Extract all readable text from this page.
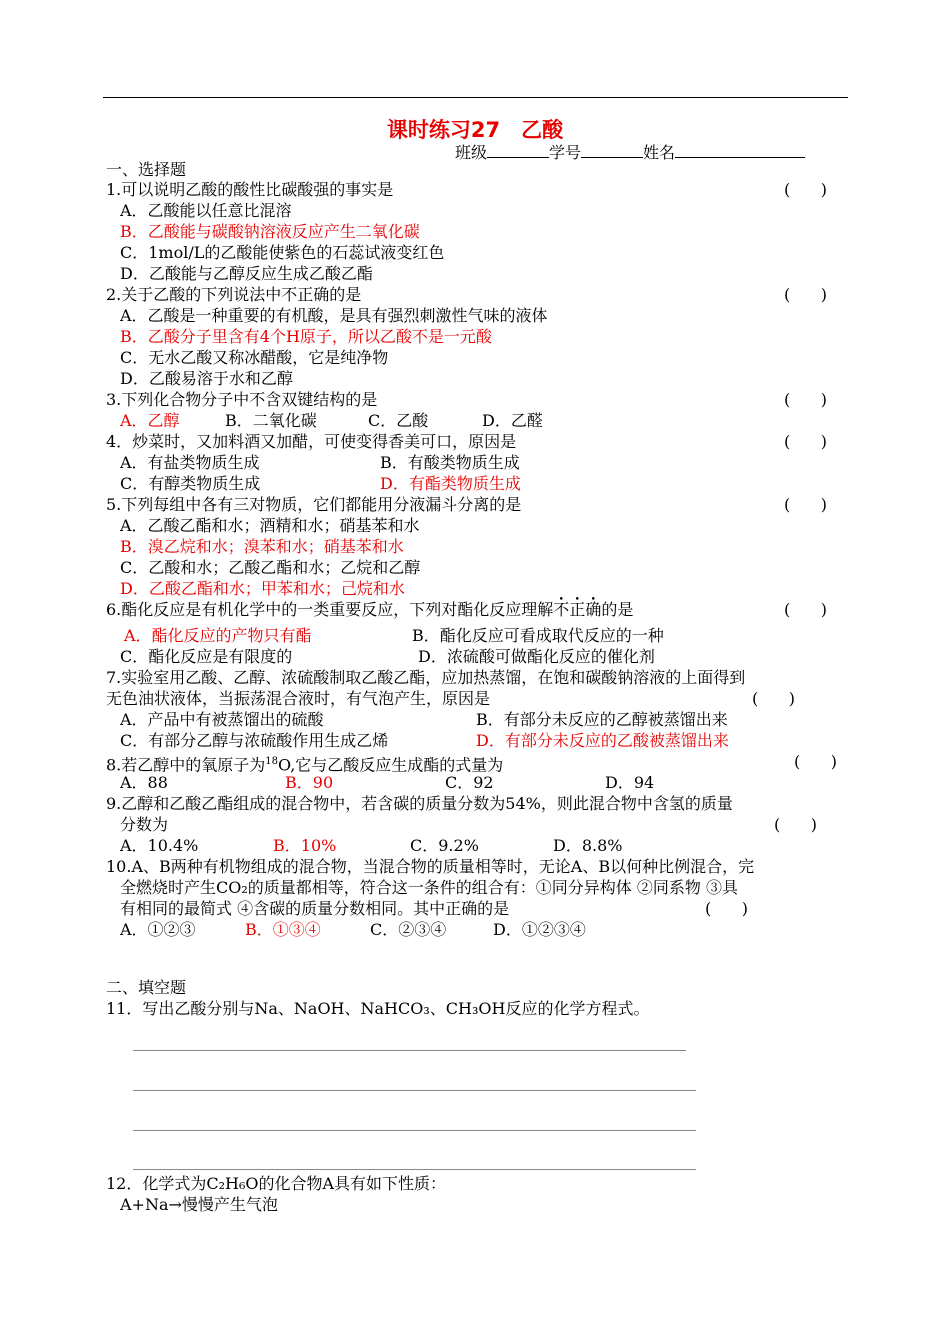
课时练习27　乙酸
班级	学号	姓名
一、选择题
1.可以说明乙酸的酸性比碳酸强的事实是	(      )
A．乙酸能以任意比混溶
B．乙酸能与碳酸钠溶液反应产生二氧化碳
C．1mol/L的乙酸能使紫色的石蕊试液变红色
D．乙酸能与乙醇反应生成乙酸乙酯
2.关于乙酸的下列说法中不正确的是	(      )
A．乙酸是一种重要的有机酸，是具有强烈刺激性气味的液体
B．乙酸分子里含有4个H原子，所以乙酸不是一元酸
C．无水乙酸又称冰醋酸，它是纯净物
D．乙酸易溶于水和乙醇
3.下列化合物分子中不含双键结构的是	(      )
A．乙醇	B．二氧化碳	C．乙酸	D．乙醛
4．炒菜时，又加料酒又加醋，可使变得香美可口，原因是	(      )
A．有盐类物质生成	B．有酸类物质生成
C．有醇类物质生成	D．有酯类物质生成
5.下列每组中各有三对物质，它们都能用分液漏斗分离的是	(      )
A．乙酸乙酯和水；酒精和水；硝基苯和水
B．溴乙烷和水；溴苯和水；硝基苯和水
C．乙酸和水；乙酸乙酯和水；乙烷和乙醇
D．乙酸乙酯和水；甲苯和水；己烷和水
6.酯化反应是有机化学中的一类重要反应，下列对酯化反应理解不正确的是	(      )
A．酯化反应的产物只有酯	B．酯化反应可看成取代反应的一种
C．酯化反应是有限度的	D．浓硫酸可做酯化反应的催化剂
7.实验室用乙酸、乙醇、浓硫酸制取乙酸乙酯，应加热蒸馏，在饱和碳酸钠溶液的上面得到
无色油状液体，当振荡混合液时，有气泡产生，原因是	(      )
A．产品中有被蒸馏出的硫酸	B．有部分未反应的乙醇被蒸馏出来
C．有部分乙醇与浓硫酸作用生成乙烯	D．有部分未反应的乙酸被蒸馏出来
8.若乙醇中的氧原子为$^{18}$O,它与乙酸反应生成酯的式量为	(      )
A．88	B．90	C．92	D．94
9.乙醇和乙酸乙酯组成的混合物中，若含碳的质量分数为54%，则此混合物中含氢的质量
分数为	(      )
A．10.4%	B．10%	C．9.2%	D．8.8%
10.A、B两种有机物组成的混合物，当混合物的质量相等时，无论A、B以何种比例混合，完
全燃烧时产生CO₂的质量都相等，符合这一条件的组合有：①同分异构体 ②同系物 ③具
有相同的最简式 ④含碳的质量分数相同。其中正确的是	(      )
A．①②③	B．①③④	C．②③④	D．①②③④
二、填空题
11．写出乙酸分别与Na、NaOH、NaHCO₃、CH₃OH反应的化学方程式。
12．化学式为C₂H₆O的化合物A具有如下性质：
A+Na→慢慢产生气泡
